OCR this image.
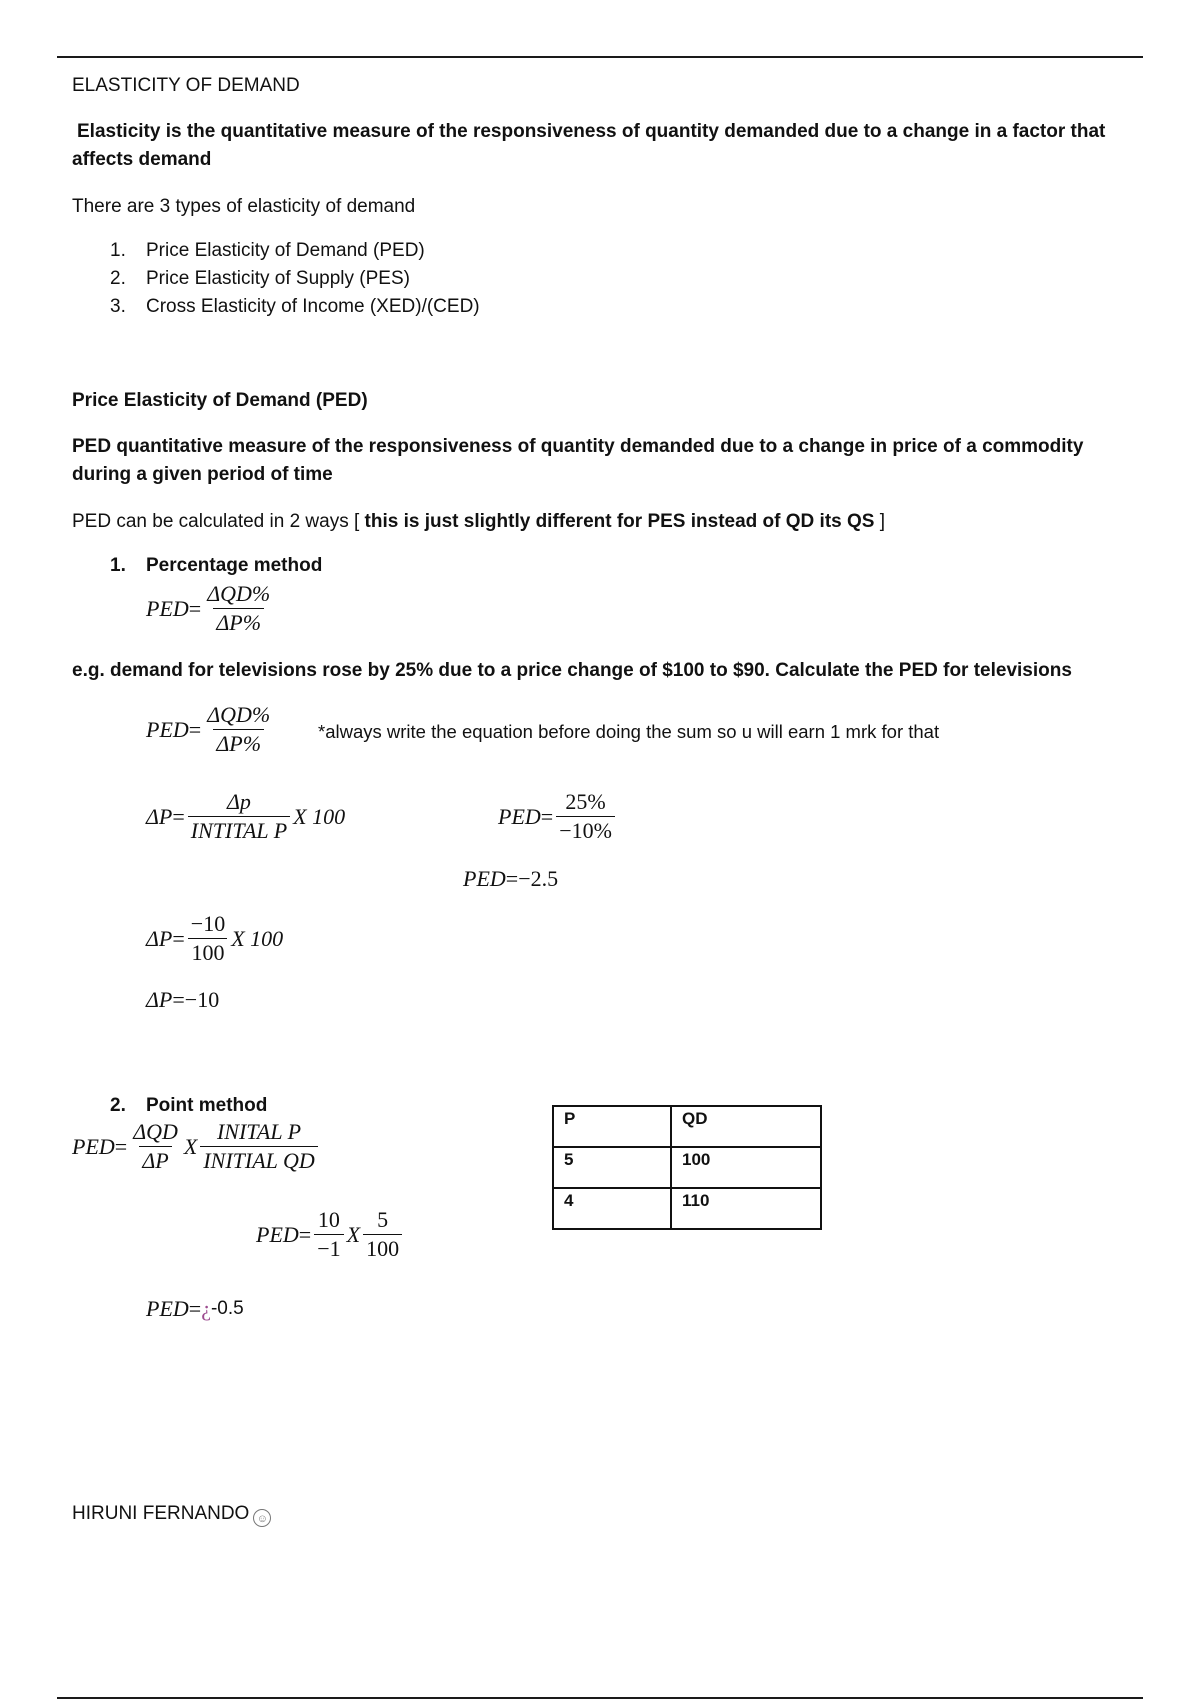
ELASTICITY OF DEMAND
Elasticity is the quantitative measure of the responsiveness of quantity demanded due to a change in a factor that affects demand
There are 3 types of elasticity of demand
1. Price Elasticity of Demand (PED)
2. Price Elasticity of Supply (PES)
3. Cross Elasticity of Income (XED)/(CED)
Price Elasticity of Demand (PED)
PED quantitative measure of the responsiveness of quantity demanded due to a change in price of a commodity during a given period of time
PED can be calculated in 2 ways [ this is just slightly different for PES instead of QD its QS ]
1. Percentage method
PED = $\frac{\text{ΔQD\%}}{\Delta P\%}$
e.g. demand for televisions rose by 25% due to a price change of $100 to $90. Calculate the PED for televisions
PED = $\frac{\text{ΔQD\%}}{\Delta P\%}$ *always write the equation before doing the sum so u will earn 1 mrk for that
$\Delta P = \frac{\Delta p}{\text{INTITAL P}}$ X 100	PED = $\frac{25\%}{-10\%}$
PED = −2.5
$\Delta P = \frac{-10}{100}$ X 100
ΔP = −10
2. Point method
PED = $\frac{\text{ΔQD}}{\Delta P}$ X $\frac{\text{INITAL P}}{\text{INITIAL QD}}$
P	QD
5	100
4	110
PED = $\frac{10}{-1}$ X $\frac{5}{100}$
PED = ¿ -0.5
HIRUNI FERNANDO ☺
